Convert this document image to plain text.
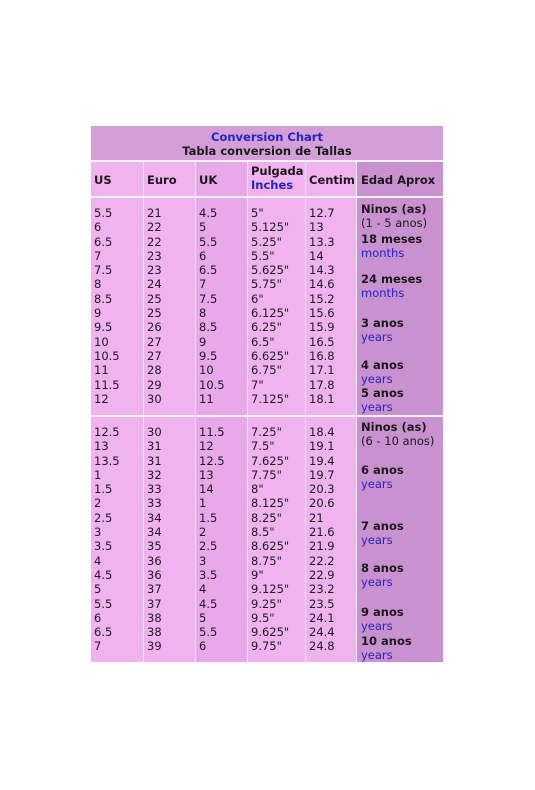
Conversion Chart
Tabla conversion de Tallas
US	Euro UK
Pulgada
Inches Centim Edad Aprox
5.5
6
6.5
7
7.5
8
8.5
9
9.5
10
10.5
11
11.5
12
21
22
22
23
23
24
25
25
26
27
27
28
29
30
4.5
5
5.5
6
6.5
7
7.5
8
8.5
9
9.5
10
10.5
11
5"
5.125"
5.25"
5.5"
5.625"
5.75"
6"
6.125"
6.25"
6.5"
6.625"
6.75"
7"
7.125"
12.7
13
13.3
14
14.3
14.6
15.2
15.6
15.9
16.5
16.8
17.1
17.8
18.1
Ninos (as)
(1 - 5 anos)
18 meses
months
24 meses
months
3 anos
years
4 anos
years
5 anos
years
12.5
13
13.5
1
1.5
2
2.5
3
3.5
4
4.5
5
5.5
6
6.5
7
30
31
31
32
33
33
34
34
35
36
36
37
37
38
38
39
11.5
12
12.5
13
14
1
1.5
2
2.5
3
3.5
4
4.5
5
5.5
6
7.25"
7.5"
7.625"
7.75"
8"
8.125"
8.25"
8.5"
8.625"
8.75"
9"
9.125"
9.25"
9.5"
9.625"
9.75"
18.4
19.1
19.4
19.7
20.3
20.6
21
21.6
21.9
22.2
22.9
23.2
23.5
24.1
24.4
24.8
Ninos (as)
(6 - 10 anos)
6 anos
years
7 anos
years
8 anos
years
9 anos
years
10 anos
years
